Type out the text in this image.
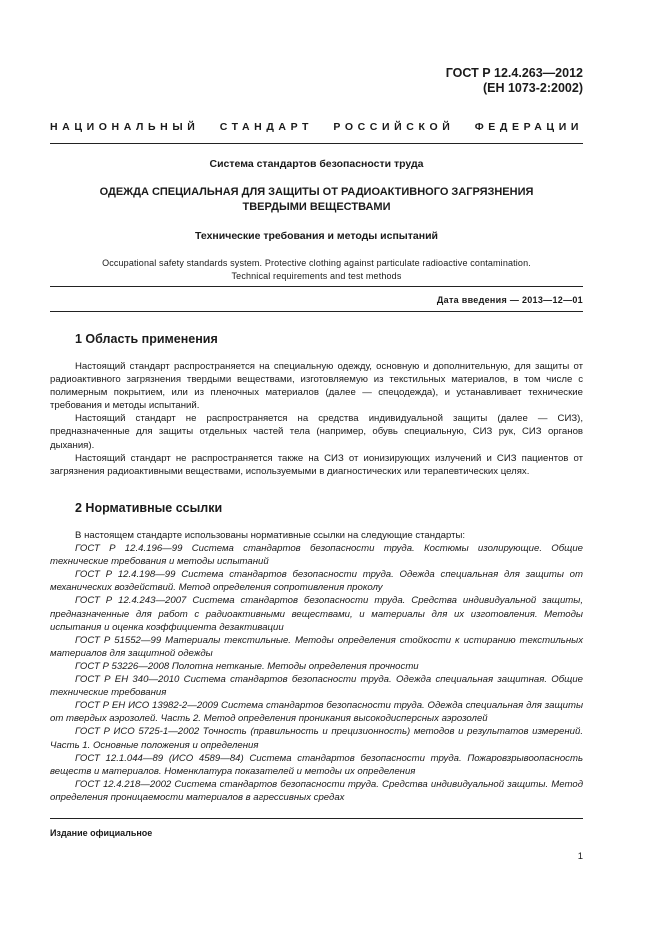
ГОСТ Р 12.4.263—2012
(ЕН 1073-2:2002)
НАЦИОНАЛЬНЫЙ СТАНДАРТ РОССИЙСКОЙ ФЕДЕРАЦИИ
Система стандартов безопасности труда
ОДЕЖДА СПЕЦИАЛЬНАЯ ДЛЯ ЗАЩИТЫ ОТ РАДИОАКТИВНОГО ЗАГРЯЗНЕНИЯ
ТВЕРДЫМИ ВЕЩЕСТВАМИ
Технические требования и методы испытаний
Occupational safety standards system. Protective clothing against particulate radioactive contamination.
Technical requirements and test methods
Дата введения — 2013—12—01
1 Область применения

Настоящий стандарт распространяется на специальную одежду, основную и дополнительную, для защиты от радиоактивного загрязнения твердыми веществами, изготовляемую из текстильных материалов, в том числе с полимерным покрытием, или из пленочных материалов (далее — спецодежда), и устанавливает технические требования и методы испытаний.

Настоящий стандарт не распространяется на средства индивидуальной защиты (далее — СИЗ), предназначенные для защиты отдельных частей тела (например, обувь специальную, СИЗ рук, СИЗ органов дыхания).

Настоящий стандарт не распространяется также на СИЗ от ионизирующих излучений и СИЗ пациентов от загрязнения радиоактивными веществами, используемыми в диагностических или терапевтических целях.

2 Нормативные ссылки

В настоящем стандарте использованы нормативные ссылки на следующие стандарты:

ГОСТ Р 12.4.196—99 Система стандартов безопасности труда. Костюмы изолирующие. Общие технические требования и методы испытаний

ГОСТ Р 12.4.198—99 Система стандартов безопасности труда. Одежда специальная для защиты от механических воздействий. Метод определения сопротивления проколу

ГОСТ Р 12.4.243—2007 Система стандартов безопасности труда. Средства индивидуальной защиты, предназначенные для работ с радиоактивными веществами, и материалы для их изготовления. Методы испытания и оценка коэффициента дезактивации

ГОСТ Р 51552—99 Материалы текстильные. Методы определения стойкости к истиранию текстильных материалов для защитной одежды

ГОСТ Р 53226—2008 Полотна нетканые. Методы определения прочности

ГОСТ Р ЕН 340—2010 Система стандартов безопасности труда. Одежда специальная защитная. Общие технические требования

ГОСТ Р ЕН ИСО 13982-2—2009 Система стандартов безопасности труда. Одежда специальная для защиты от твердых аэрозолей. Часть 2. Метод определения проникания высокодисперсных аэрозолей

ГОСТ Р ИСО 5725-1—2002 Точность (правильность и прецизионность) методов и результатов измерений. Часть 1. Основные положения и определения

ГОСТ 12.1.044—89 (ИСО 4589—84) Система стандартов безопасности труда. Пожаровзрывоопасность веществ и материалов. Номенклатура показателей и методы их определения

ГОСТ 12.4.218—2002 Система стандартов безопасности труда. Средства индивидуальной защиты. Метод определения проницаемости материалов в агрессивных средах

Издание официальное
1
